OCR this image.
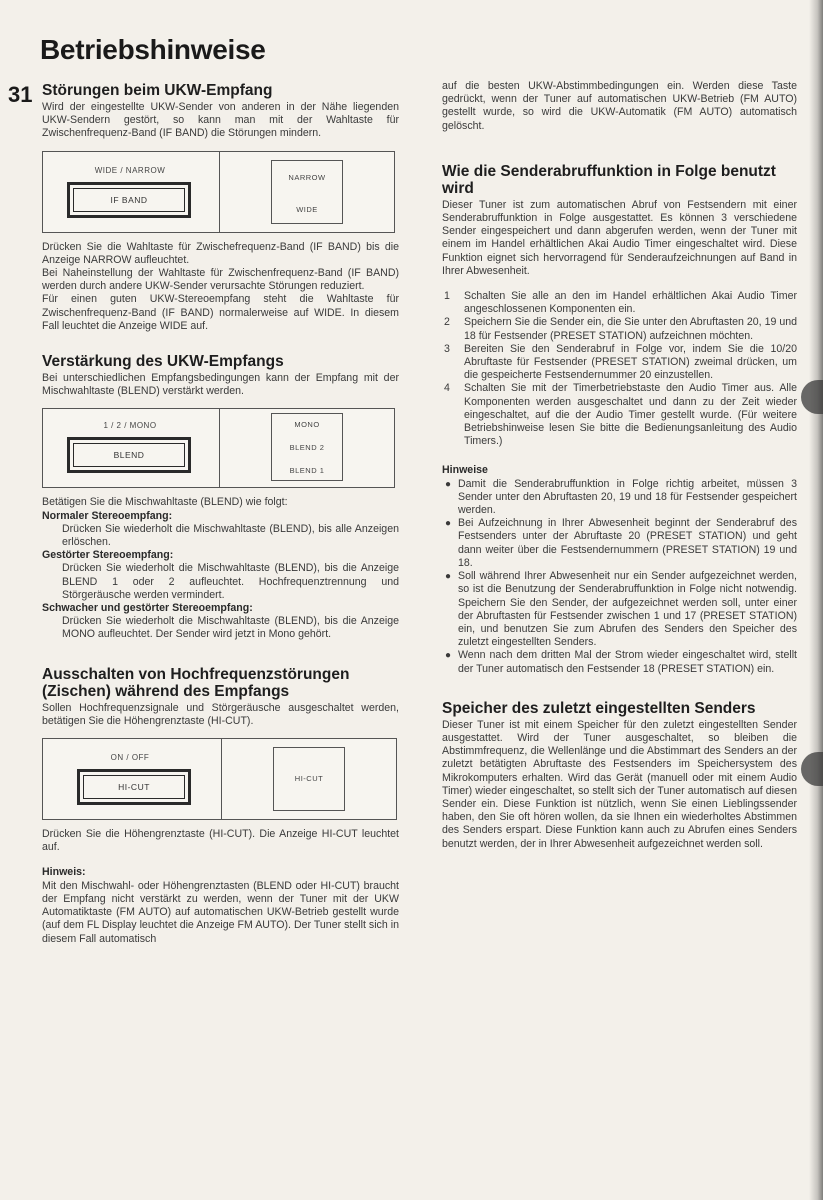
Betriebshinweise
31 Störungen beim UKW-Empfang

Wird der eingestellte UKW-Sender von anderen in der Nähe liegenden UKW-Sendern gestört, so kann man mit der Wahltaste für Zwischenfrequenz-Band (IF BAND) die Störungen mindern.

WIDE / NARROW
IF BAND
NARROW
WIDE

Drücken Sie die Wahltaste für Zwischefrequenz-Band (IF BAND) bis die Anzeige NARROW aufleuchtet.

Bei Naheinstellung der Wahltaste für Zwischenfrequenz-Band (IF BAND) werden durch andere UKW-Sender verursachte Störungen reduziert.

Für einen guten UKW-Stereoempfang steht die Wahltaste für Zwischenfrequenz-Band (IF BAND) normalerweise auf WIDE. In diesem Fall leuchtet die Anzeige WIDE auf.

Verstärkung des UKW-Empfangs

Bei unterschiedlichen Empfangsbedingungen kann der Empfang mit der Mischwahltaste (BLEND) verstärkt werden.

1 / 2 / MONO
BLEND
MONO
BLEND 2
BLEND 1

Betätigen Sie die Mischwahltaste (BLEND) wie folgt:

Normaler Stereoempfang:

Drücken Sie wiederholt die Mischwahltaste (BLEND), bis alle Anzeigen erlöschen.

Gestörter Stereoempfang:

Drücken Sie wiederholt die Mischwahltaste (BLEND), bis die Anzeige BLEND 1 oder 2 aufleuchtet. Hochfrequenztrennung und Störgeräusche werden vermindert.

Schwacher und gestörter Stereoempfang:

Drücken Sie wiederholt die Mischwahltaste (BLEND), bis die Anzeige MONO aufleuchtet. Der Sender wird jetzt in Mono gehört.

Ausschalten von Hochfrequenzstörungen (Zischen) während des Empfangs

Sollen Hochfrequenzsignale und Störgeräusche ausgeschaltet werden, betätigen Sie die Höhengrenztaste (HI-CUT).

ON / OFF
HI-CUT
HI-CUT

Drücken Sie die Höhengrenztaste (HI-CUT). Die Anzeige HI-CUT leuchtet auf.

Hinweis:

Mit den Mischwahl- oder Höhengrenztasten (BLEND oder HI-CUT) braucht der Empfang nicht verstärkt zu werden, wenn der Tuner mit der UKW Automatiktaste (FM AUTO) auf automatischen UKW-Betrieb gestellt wurde (auf dem FL Display leuchtet die Anzeige FM AUTO). Der Tuner stellt sich in diesem Fall automatisch

auf die besten UKW-Abstimmbedingungen ein. Werden diese Taste gedrückt, wenn der Tuner auf automatischen UKW-Betrieb (FM AUTO) gestellt wurde, so wird die UKW-Automatik (FM AUTO) automatisch gelöscht.

Wie die Senderabruffunktion in Folge benutzt wird

Dieser Tuner ist zum automatischen Abruf von Festsendern mit einer Senderabruffunktion in Folge ausgestattet. Es können 3 verschiedene Sender eingespeichert und dann abgerufen werden, wenn der Tuner mit einem im Handel erhältlichen Akai Audio Timer eingeschaltet wird. Diese Funktion eignet sich hervorragend für Senderaufzeichnungen auf Band in Ihrer Abwesenheit.

1 Schalten Sie alle an den im Handel erhältlichen Akai Audio Timer angeschlossenen Komponenten ein.
2 Speichern Sie die Sender ein, die Sie unter den Abruftasten 20, 19 und 18 für Festsender (PRESET STATION) aufzeichnen möchten.
3 Bereiten Sie den Senderabruf in Folge vor, indem Sie die 10/20 Abruftaste für Festsender (PRESET STATION) zweimal drücken, um die gespeicherte Festsendernummer 20 einzustellen.
4 Schalten Sie mit der Timerbetriebstaste den Audio Timer aus. Alle Komponenten werden ausgeschaltet und dann zu der Zeit wieder eingeschaltet, auf die der Audio Timer gestellt wurde. (Für weitere Betriebshinweise lesen Sie bitte die Bedienungsanleitung des Audio Timers.)
Hinweise
● Damit die Senderabruffunktion in Folge richtig arbeitet, müssen 3 Sender unter den Abruftasten 20, 19 und 18 für Festsender gespeichert werden.
● Bei Aufzeichnung in Ihrer Abwesenheit beginnt der Senderabruf des Festsenders unter der Abruftaste 20 (PRESET STATION) und geht dann weiter über die Festsendernummern (PRESET STATION) 19 und 18.
● Soll während Ihrer Abwesenheit nur ein Sender aufgezeichnet werden, so ist die Benutzung der Senderabruffunktion in Folge nicht notwendig. Speichern Sie den Sender, der aufgezeichnet werden soll, unter einer der Abruftasten für Festsender zwischen 1 und 17 (PRESET STATION) ein, und benutzen Sie zum Abrufen des Senders den Speicher des zuletzt eingestellten Senders.
● Wenn nach dem dritten Mal der Strom wieder eingeschaltet wird, stellt der Tuner automatisch den Festsender 18 (PRESET STATION) ein.
Speicher des zuletzt eingestellten Senders

Dieser Tuner ist mit einem Speicher für den zuletzt eingestellten Sender ausgestattet. Wird der Tuner ausgeschaltet, so bleiben die Abstimmfrequenz, die Wellenlänge und die Abstimmart des Senders an der zuletzt betätigten Abruftaste des Festsenders im Speichersystem des Mikrokomputers erhalten. Wird das Gerät (manuell oder mit einem Audio Timer) wieder eingeschaltet, so stellt sich der Tuner automatisch auf diesen Sender ein. Diese Funktion ist nützlich, wenn Sie einen Lieblingssender haben, den Sie oft hören wollen, da sie Ihnen ein wiederholtes Abstimmen des Senders erspart. Diese Funktion kann auch zu Abrufen eines Senders benutzt werden, der in Ihrer Abwesenheit aufgezeichnet werden soll.
